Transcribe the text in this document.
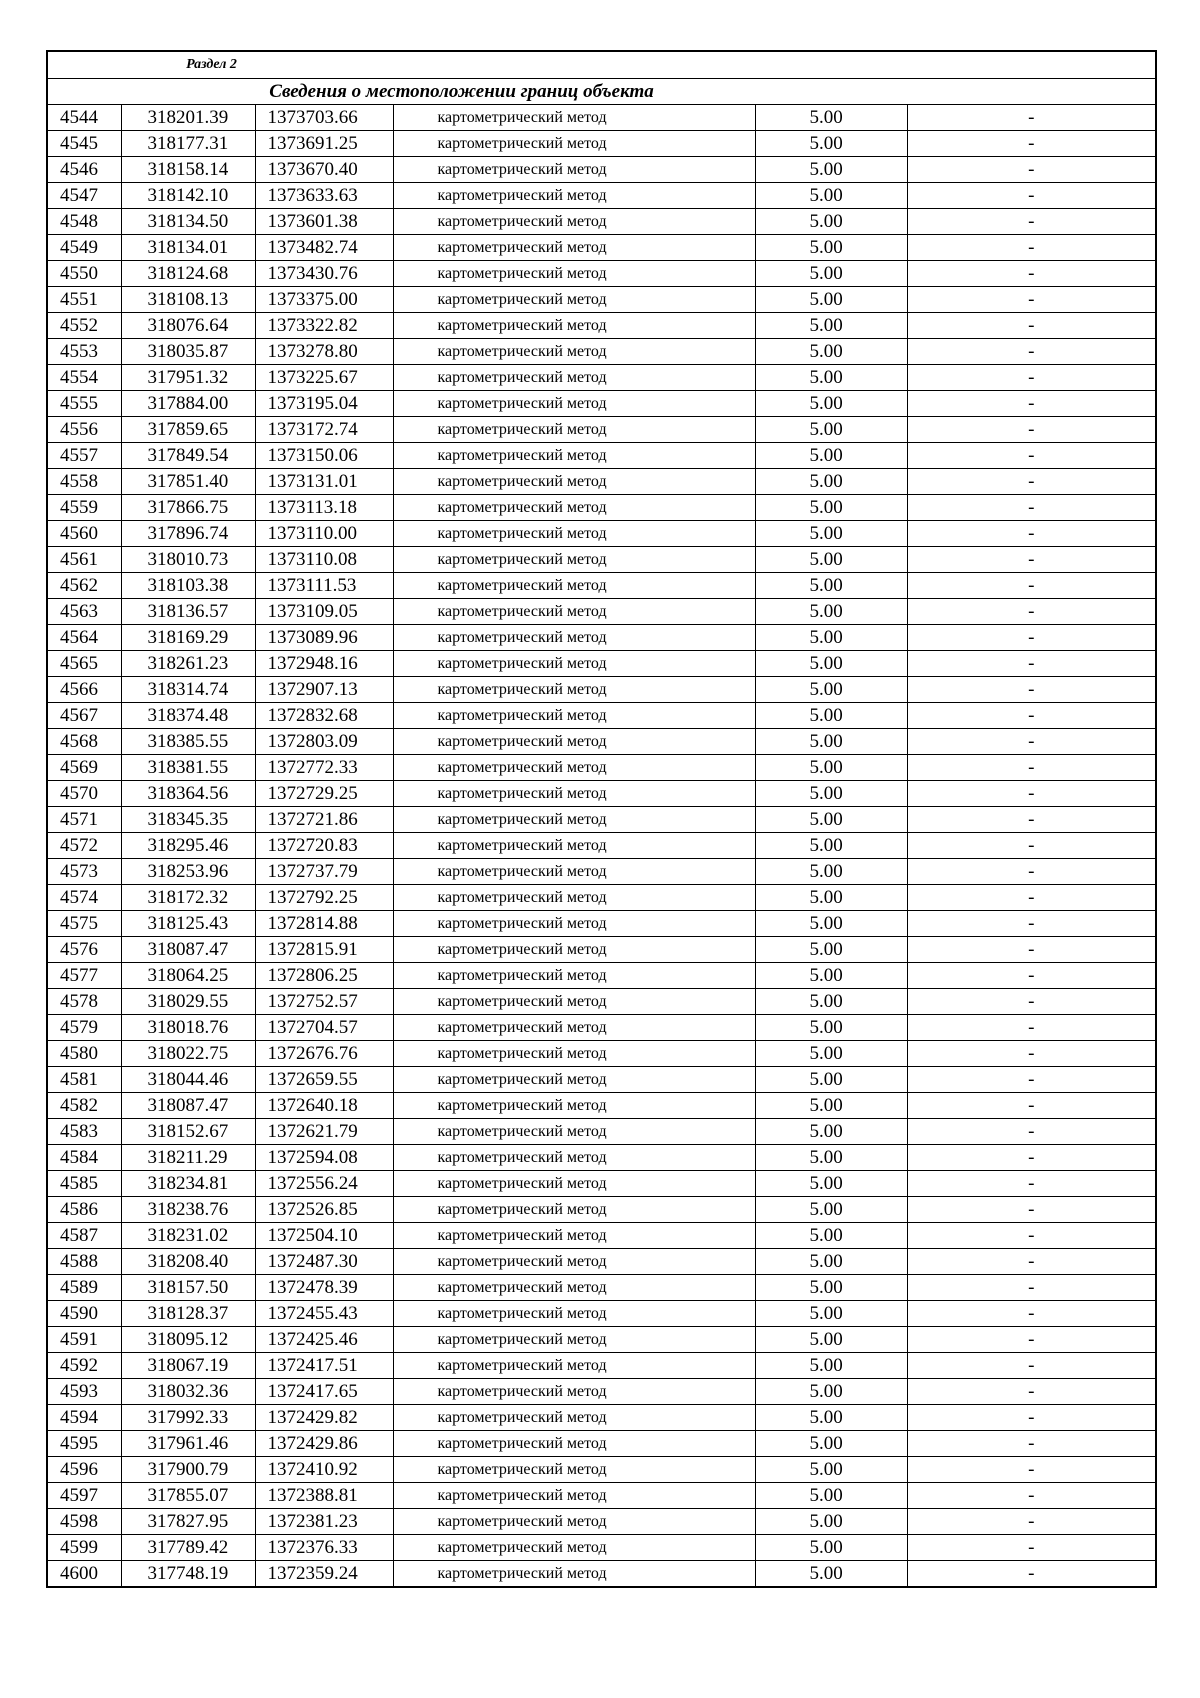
Раздел 2					
Сведения о местоположении границ объекта					
4544	318201.39	1373703.66	картометрический метод	5.00	-
4545	318177.31	1373691.25	картометрический метод	5.00	-
4546	318158.14	1373670.40	картометрический метод	5.00	-
4547	318142.10	1373633.63	картометрический метод	5.00	-
4548	318134.50	1373601.38	картометрический метод	5.00	-
4549	318134.01	1373482.74	картометрический метод	5.00	-
4550	318124.68	1373430.76	картометрический метод	5.00	-
4551	318108.13	1373375.00	картометрический метод	5.00	-
4552	318076.64	1373322.82	картометрический метод	5.00	-
4553	318035.87	1373278.80	картометрический метод	5.00	-
4554	317951.32	1373225.67	картометрический метод	5.00	-
4555	317884.00	1373195.04	картометрический метод	5.00	-
4556	317859.65	1373172.74	картометрический метод	5.00	-
4557	317849.54	1373150.06	картометрический метод	5.00	-
4558	317851.40	1373131.01	картометрический метод	5.00	-
4559	317866.75	1373113.18	картометрический метод	5.00	-
4560	317896.74	1373110.00	картометрический метод	5.00	-
4561	318010.73	1373110.08	картометрический метод	5.00	-
4562	318103.38	1373111.53	картометрический метод	5.00	-
4563	318136.57	1373109.05	картометрический метод	5.00	-
4564	318169.29	1373089.96	картометрический метод	5.00	-
4565	318261.23	1372948.16	картометрический метод	5.00	-
4566	318314.74	1372907.13	картометрический метод	5.00	-
4567	318374.48	1372832.68	картометрический метод	5.00	-
4568	318385.55	1372803.09	картометрический метод	5.00	-
4569	318381.55	1372772.33	картометрический метод	5.00	-
4570	318364.56	1372729.25	картометрический метод	5.00	-
4571	318345.35	1372721.86	картометрический метод	5.00	-
4572	318295.46	1372720.83	картометрический метод	5.00	-
4573	318253.96	1372737.79	картометрический метод	5.00	-
4574	318172.32	1372792.25	картометрический метод	5.00	-
4575	318125.43	1372814.88	картометрический метод	5.00	-
4576	318087.47	1372815.91	картометрический метод	5.00	-
4577	318064.25	1372806.25	картометрический метод	5.00	-
4578	318029.55	1372752.57	картометрический метод	5.00	-
4579	318018.76	1372704.57	картометрический метод	5.00	-
4580	318022.75	1372676.76	картометрический метод	5.00	-
4581	318044.46	1372659.55	картометрический метод	5.00	-
4582	318087.47	1372640.18	картометрический метод	5.00	-
4583	318152.67	1372621.79	картометрический метод	5.00	-
4584	318211.29	1372594.08	картометрический метод	5.00	-
4585	318234.81	1372556.24	картометрический метод	5.00	-
4586	318238.76	1372526.85	картометрический метод	5.00	-
4587	318231.02	1372504.10	картометрический метод	5.00	-
4588	318208.40	1372487.30	картометрический метод	5.00	-
4589	318157.50	1372478.39	картометрический метод	5.00	-
4590	318128.37	1372455.43	картометрический метод	5.00	-
4591	318095.12	1372425.46	картометрический метод	5.00	-
4592	318067.19	1372417.51	картометрический метод	5.00	-
4593	318032.36	1372417.65	картометрический метод	5.00	-
4594	317992.33	1372429.82	картометрический метод	5.00	-
4595	317961.46	1372429.86	картометрический метод	5.00	-
4596	317900.79	1372410.92	картометрический метод	5.00	-
4597	317855.07	1372388.81	картометрический метод	5.00	-
4598	317827.95	1372381.23	картометрический метод	5.00	-
4599	317789.42	1372376.33	картометрический метод	5.00	-
4600	317748.19	1372359.24	картометрический метод	5.00	-
